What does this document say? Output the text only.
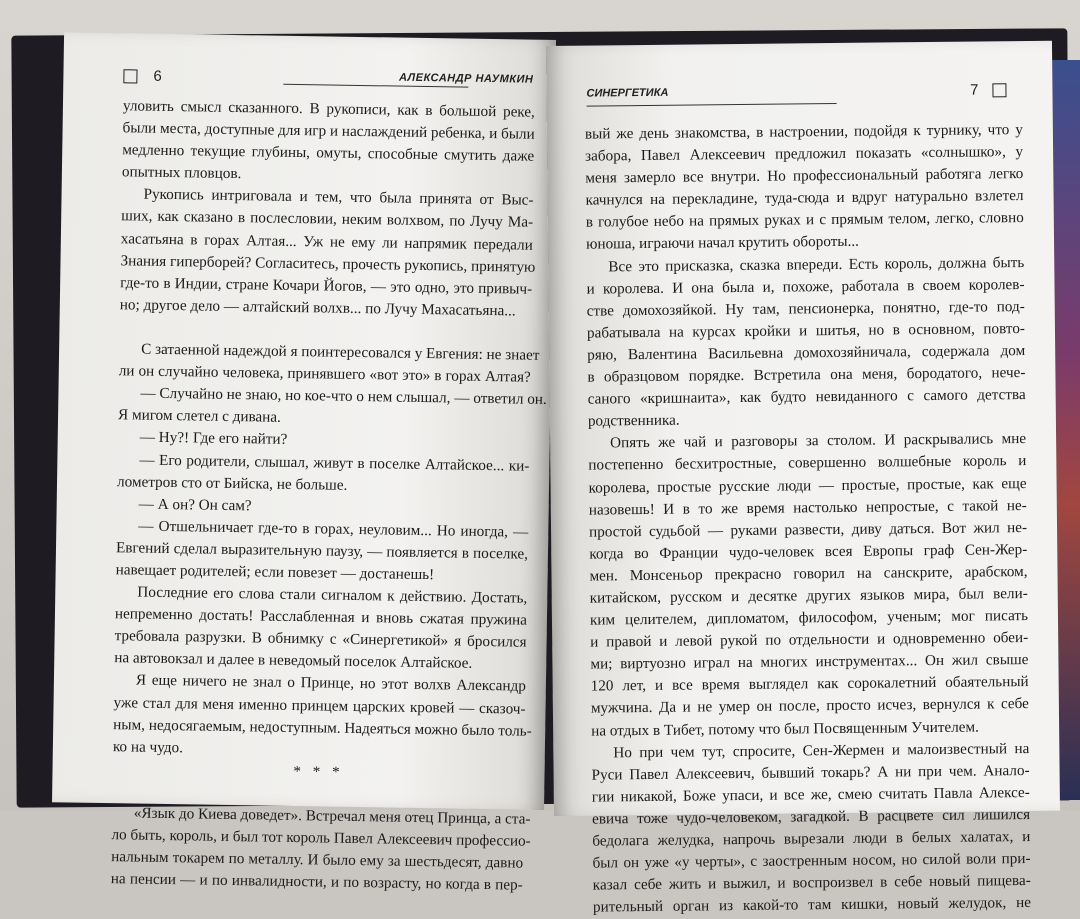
6	АЛЕКСАНДР НАУМКИН
уловить смысл сказанного. В рукописи, как в большой реке,
были места, доступные для игр и наслаждений ребенка, и были
медленно текущие глубины, омуты, способные смутить даже
опытных пловцов.
Рукопись интриговала и тем, что была принята от Выс-
ших, как сказано в послесловии, неким волхвом, по Лучу Ма-
хасатьяна в горах Алтая... Уж не ему ли напрямик передали
Знания гиперборей? Согласитесь, прочесть рукопись, принятую
где-то в Индии, стране Кочари Йогов, — это одно, это привыч-
но; другое дело — алтайский волхв... по Лучу Махасатьяна...
С затаенной надеждой я поинтересовался у Евгения: не знает
ли он случайно человека, принявшего «вот это» в горах Алтая?
— Случайно не знаю, но кое-что о нем слышал, — ответил он.
Я мигом слетел с дивана.
— Ну?! Где его найти?
— Его родители, слышал, живут в поселке Алтайское... ки-
лометров сто от Бийска, не больше.
— А он? Он сам?
— Отшельничает где-то в горах, неуловим... Но иногда, —
Евгений сделал выразительную паузу, — появляется в поселке,
навещает родителей; если повезет — достанешь!
Последние его слова стали сигналом к действию. Достать,
непременно достать! Расслабленная и вновь сжатая пружина
требовала разрузки. В обнимку с «Синергетикой» я бросился
на автовокзал и далее в неведомый поселок Алтайское.
Я еще ничего не знал о Принце, но этот волхв Александр
уже стал для меня именно принцем царских кровей — сказоч-
ным, недосягаемым, недоступным. Надеяться можно было толь-
ко на чудо.
* * *
«Язык до Киева доведет». Встречал меня отец Принца, а ста-
ло быть, король, и был тот король Павел Алексеевич профессио-
нальным токарем по металлу. И было ему за шестьдесят, давно
на пенсии — и по инвалидности, и по возрасту, но когда в пер-
СИНЕРГЕТИКА	7
вый же день знакомства, в настроении, подойдя к турнику, что у
забора, Павел Алексеевич предложил показать «солнышко», у
меня замерло все внутри. Но профессиональный работяга легко
качнулся на перекладине, туда-сюда и вдруг натурально взлетел
в голубое небо на прямых руках и с прямым телом, легко, словно
юноша, играючи начал крутить обороты...
Все это присказка, сказка впереди. Есть король, должна быть
и королева. И она была и, похоже, работала в своем королев-
стве домохозяйкой. Ну там, пенсионерка, понятно, где-то под-
рабатывала на курсах кройки и шитья, но в основном, повто-
ряю, Валентина Васильевна домохозяйничала, содержала дом
в образцовом порядке. Встретила она меня, бородатого, нече-
саного «кришнаита», как будто невиданного с самого детства
родственника.
Опять же чай и разговоры за столом. И раскрывались мне
постепенно бесхитростные, совершенно волшебные король и
королева, простые русские люди — простые, простые, как еще
назовешь! И в то же время настолько непростые, с такой не-
простой судьбой — руками развести, диву даться. Вот жил не-
когда во Франции чудо-человек всея Европы граф Сен-Жер-
мен. Монсеньор прекрасно говорил на санскрите, арабском,
китайском, русском и десятке других языков мира, был вели-
ким целителем, дипломатом, философом, ученым; мог писать
и правой и левой рукой по отдельности и одновременно обеи-
ми; виртуозно играл на многих инструментах... Он жил свыше
120 лет, и все время выглядел как сорокалетний обаятельный
мужчина. Да и не умер он после, просто исчез, вернулся к себе
на отдых в Тибет, потому что был Посвященным Учителем.
Но при чем тут, спросите, Сен-Жермен и малоизвестный на
Руси Павел Алексеевич, бывший токарь? А ни при чем. Анало-
гии никакой, Боже упаси, и все же, смею считать Павла Алексе-
евича тоже чудо-человеком, загадкой. В расцвете сил лишился
бедолага желудка, напрочь вырезали люди в белых халатах, и
был он уже «у черты», с заостренным носом, но силой воли при-
казал себе жить и выжил, и воспроизвел в себе новый пищева-
рительный орган из какой-то там кишки, новый желудок, не
